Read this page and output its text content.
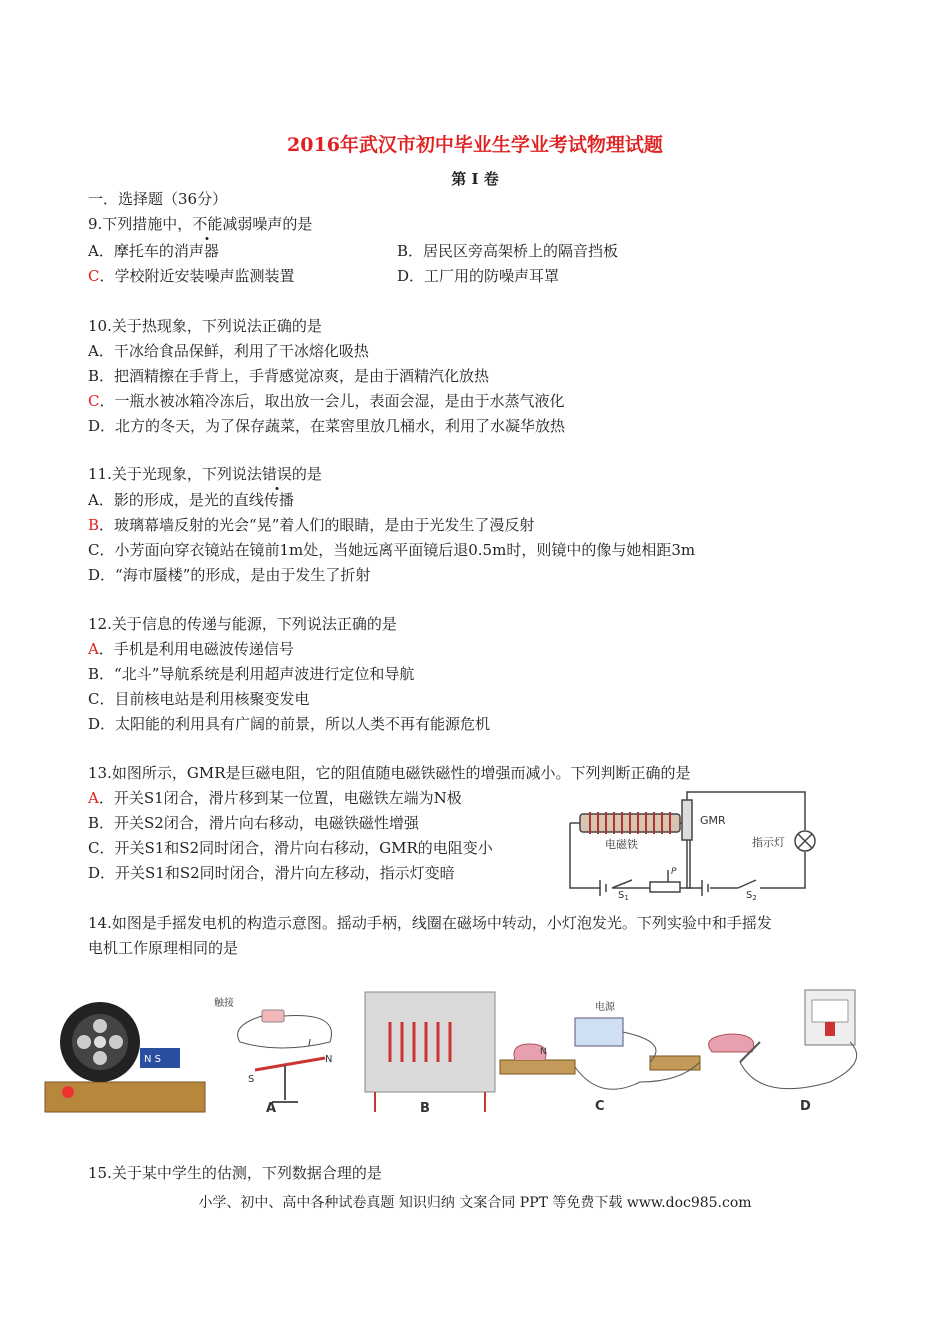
2016年武汉市初中毕业生学业考试物理试题
第 I 卷
一．选择题（36分）
9.下列措施中，不能减弱噪声的是
A．摩托车的消声器	B．居民区旁高架桥上的隔音挡板
C．学校附近安装噪声监测装置	D．工厂用的防噪声耳罩
10.关于热现象，下列说法正确的是
A．干冰给食品保鲜，利用了干冰熔化吸热
B．把酒精擦在手背上，手背感觉凉爽，是由于酒精汽化放热
C．一瓶水被冰箱冷冻后，取出放一会儿，表面会湿，是由于水蒸气液化
D．北方的冬天，为了保存蔬菜，在菜窖里放几桶水，利用了水凝华放热
11.关于光现象，下列说法错误的是
A．影的形成，是光的直线传播
B．玻璃幕墙反射的光会“晃”着人们的眼睛，是由于光发生了漫反射
C．小芳面向穿衣镜站在镜前1m处，当她远离平面镜后退0.5m时，则镜中的像与她相距3m
D．“海市蜃楼”的形成，是由于发生了折射
12.关于信息的传递与能源，下列说法正确的是
A．手机是利用电磁波传递信号
B．“北斗”导航系统是利用超声波进行定位和导航
C．目前核电站是利用核聚变发电
D．太阳能的利用具有广阔的前景，所以人类不再有能源危机
13.如图所示，GMR是巨磁电阻，它的阻值随电磁铁磁性的增强而减小。下列判断正确的是
A．开关S1闭合，滑片移到某一位置，电磁铁左端为N极
B．开关S2闭合，滑片向右移动，电磁铁磁性增强
C．开关S1和S2同时闭合，滑片向右移动，GMR的电阻变小
D．开关S1和S2同时闭合，滑片向左移动，指示灯变暗
GMR
电磁铁	指示灯
$S_1$	$S_2$
P
14.如图是手摇发电机的构造示意图。摇动手柄，线圈在磁场中转动，小灯泡发光。下列实验中和手摇发
电机工作原理相同的是
N S
触接
I
S
N
A	B
电源
N
C	D
15.关于某中学生的估测，下列数据合理的是
小学、初中、高中各种试卷真题 知识归纳 文案合同 PPT 等免费下载 www.doc985.com
